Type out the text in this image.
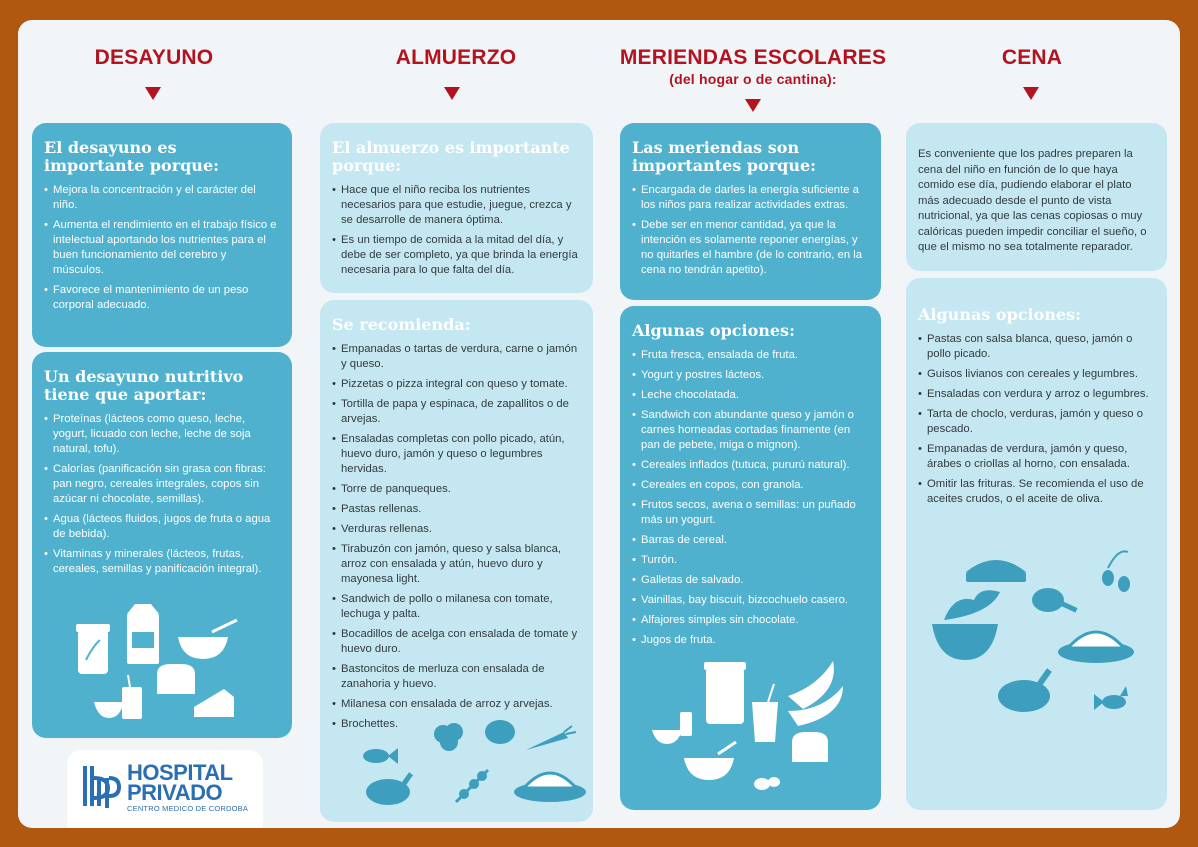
DESAYUNO	ALMUERZO	MERIENDAS ESCOLARES
(del hogar o de cantina):
CENA
El desayuno es importante porque:
• Mejora la concentración y el carácter del niño.
• Aumenta el rendimiento en el trabajo físico e intelectual aportando los nutrientes para el buen funcionamiento del cerebro y músculos.
• Favorece el mantenimiento de un peso corporal adecuado.
Un desayuno nutritivo tiene que aportar:
• Proteínas (lácteos como queso, leche, yogurt, licuado con leche, leche de soja natural, tofu).
• Calorías (panificación sin grasa con fibras: pan negro, cereales integrales, copos sin azúcar ni chocolate, semillas).
• Agua (lácteos fluidos, jugos de fruta o agua de bebida).
• Vitaminas y minerales (lácteos, frutas, cereales, semillas y panificación integral).
El almuerzo es importante porque:
• Hace que el niño reciba los nutrientes necesarios para que estudie, juegue, crezca y se desarrolle de manera óptima.
• Es un tiempo de comida a la mitad del día, y debe de ser completo, ya que brinda la energía necesaria para lo que falta del día.
Se recomienda:
• Empanadas o tartas de verdura, carne o jamón y queso.
• Pizzetas o pizza integral con queso y tomate.
• Tortilla de papa y espinaca, de zapallitos o de arvejas.
• Ensaladas completas con pollo picado, atún, huevo duro, jamón y queso o legumbres hervidas.
• Torre de panqueques.
• Pastas rellenas.
• Verduras rellenas.
• Tirabuzón con jamón, queso y salsa blanca, arroz con ensalada y atún, huevo duro y mayonesa light.
• Sandwich de pollo o milanesa con tomate, lechuga y palta.
• Bocadillos de acelga con ensalada de tomate y huevo duro.
• Bastoncitos de merluza con ensalada de zanahoria y huevo.
• Milanesa con ensalada de arroz y arvejas.
• Brochettes.
Las meriendas son importantes porque:
• Encargada de darles la energía suficiente a los niños para realizar actividades extras.
• Debe ser en menor cantidad, ya que la intención es solamente reponer energías, y no quitarles el hambre (de lo contrario, en la cena no tendrán apetito).
Algunas opciones:
• Fruta fresca, ensalada de fruta.
• Yogurt y postres lácteos.
• Leche chocolatada.
• Sandwich con abundante queso y jamón o carnes horneadas cortadas finamente (en pan de pebete, miga o mignon).
• Cereales inflados (tutuca, pururú natural).
• Cereales en copos, con granola.
• Frutos secos, avena o semillas: un puñado más un yogurt.
• Barras de cereal.
• Turrón.
• Galletas de salvado.
• Vainillas, bay biscuit, bizcochuelo casero.
• Alfajores simples sin chocolate.
• Jugos de fruta.

Es conveniente que los padres preparen la cena del niño en función de lo que haya comido ese día, pudiendo elaborar el plato más adecuado desde el punto de vista nutricional, ya que las cenas copiosas o muy calóricas pueden impedir conciliar el sueño, o que el mismo no sea totalmente reparador.

Algunas opciones:
• Pastas con salsa blanca, queso, jamón o pollo picado.
• Guisos livianos con cereales y legumbres.
• Ensaladas con verdura y arroz o legumbres.
• Tarta de choclo, verduras, jamón y queso o pescado.
• Empanadas de verdura, jamón y queso, árabes o criollas al horno, con ensalada.
• Omitir las frituras. Se recomienda el uso de aceites crudos, o el aceite de oliva.
HOSPITAL
PRIVADO
CENTRO MEDICO DE CORDOBA
